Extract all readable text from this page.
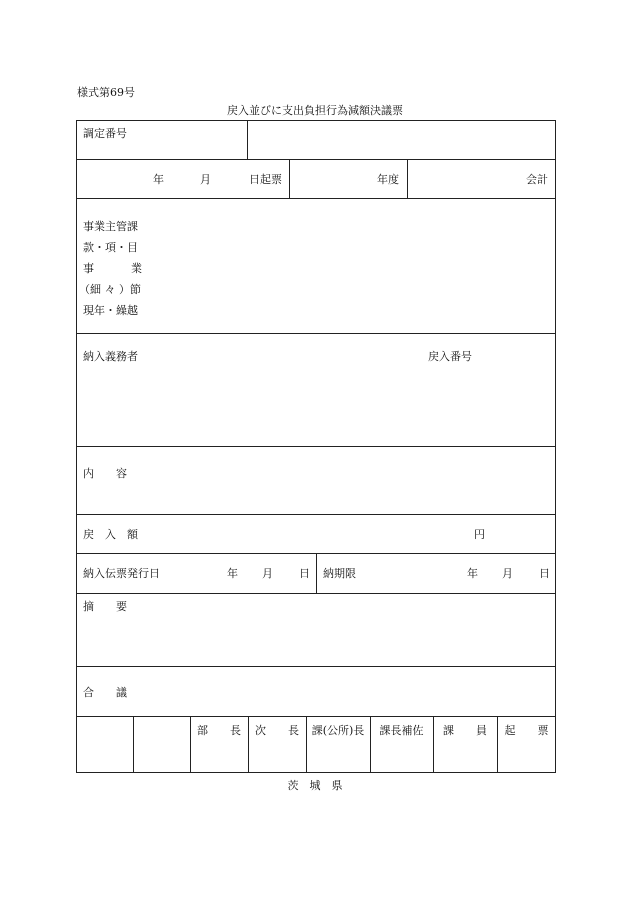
様式第69号
戻入並びに支出負担行為減額決議票
調定番号
年	月	日起票	年度	会計
事業主管課
款・項・目
事　　　業
（細 々 ）節
現年・繰越
納入義務者	戻入番号
内　　容
戻　入　額	円
納入伝票発行日	年 月 日 納期限	年 月 日
摘　　要
合　　議
部　　長	次　　長	課(公所)長	課長補佐	課　　員	起　　票
茨　城　県
